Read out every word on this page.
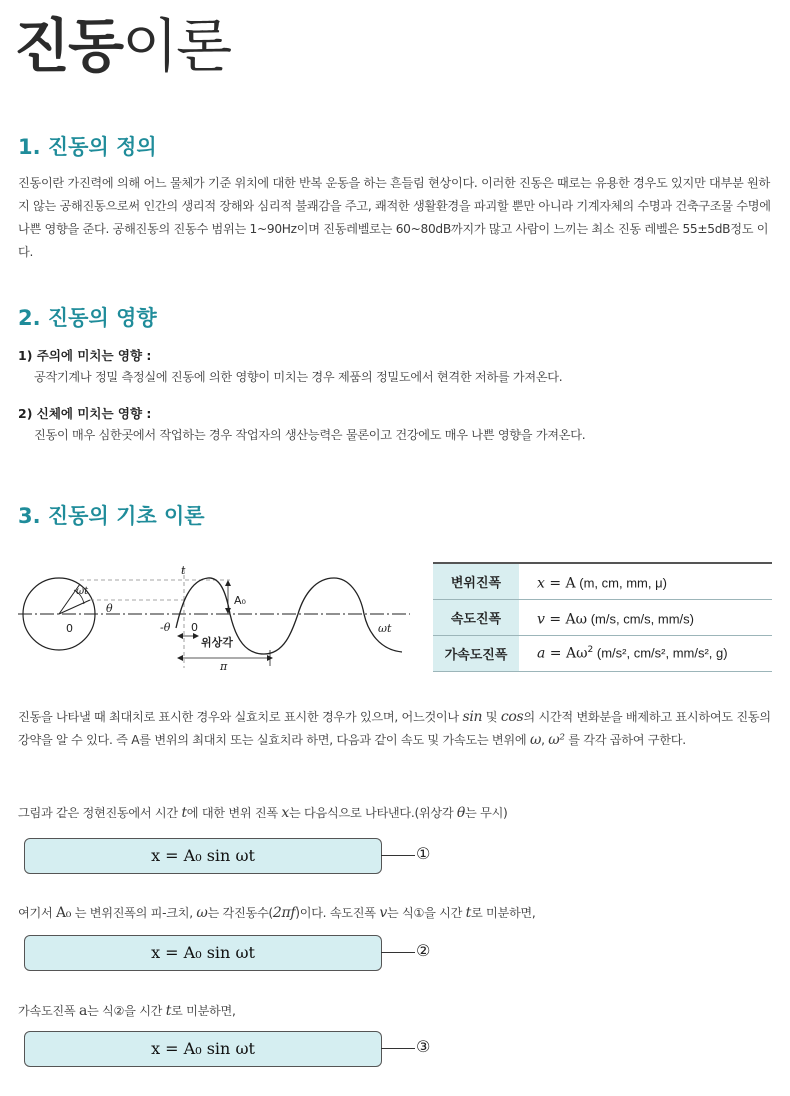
진동이론
1. 진동의 정의

진동이란 가진력에 의해 어느 물체가 기준 위치에 대한 반복 운동을 하는 흔들림 현상이다. 이러한 진동은 때로는 유용한 경우도 있지만 대부분 원하지 않는 공해진동으로써 인간의 생리적 장해와 심리적 불쾌감을 주고, 쾌적한 생활환경을 파괴할 뿐만 아니라 기계자체의 수명과 건축구조물 수명에 나쁜 영향을 준다. 공해진동의 진동수 범위는 1~90Hz이며 진동레벨로는 60~80dB까지가 많고 사람이 느끼는 최소 진동 레벨은 55±5dB정도 이다.

2. 진동의 영향

1) 주의에 미치는 영향 :

공작기계나 정밀 측정실에 진동에 의한 영향이 미치는 경우 제품의 정밀도에서 현격한 저하를 가져온다.

2) 신체에 미치는 영향 :

진동이 매우 심한곳에서 작업하는 경우 작업자의 생산능력은 물론이고 건강에도 매우 나쁜 영향을 가져온다.

3. 진동의 기초 이론
t
ωt
θ
A₀
0	-θ 0
위상각
π
ωt
변위진폭	x = A (m, cm, mm, μ)
속도진폭	v = Aω (m/s, cm/s, mm/s)
가속도진폭	$a = A\omega^2$ (m/s², cm/s², mm/s², g)

진동을 나타낼 때 최대치로 표시한 경우와 실효치로 표시한 경우가 있으며, 어느것이나 sin 및 cos의 시간적 변화분을 배제하고 표시하여도 진동의 강약을 알 수 있다. 즉 A를 변위의 최대치 또는 실효치라 하면, 다음과 같이 속도 및 가속도는 변위에 ω, ω² 를 각각 곱하여 구한다.

그림과 같은 정현진동에서 시간 t에 대한 변위 진폭 x는 다음식으로 나타낸다.(위상각 θ는 무시)

x = A₀ sin ωt	①

여기서 A₀ 는 변위진폭의 피-크치, ω는 각진동수(2πf)이다. 속도진폭 v는 식①을 시간 t로 미분하면,

x = A₀ sin ωt	②

가속도진폭 a는 식②을 시간 t로 미분하면,

x = A₀ sin ωt	③
